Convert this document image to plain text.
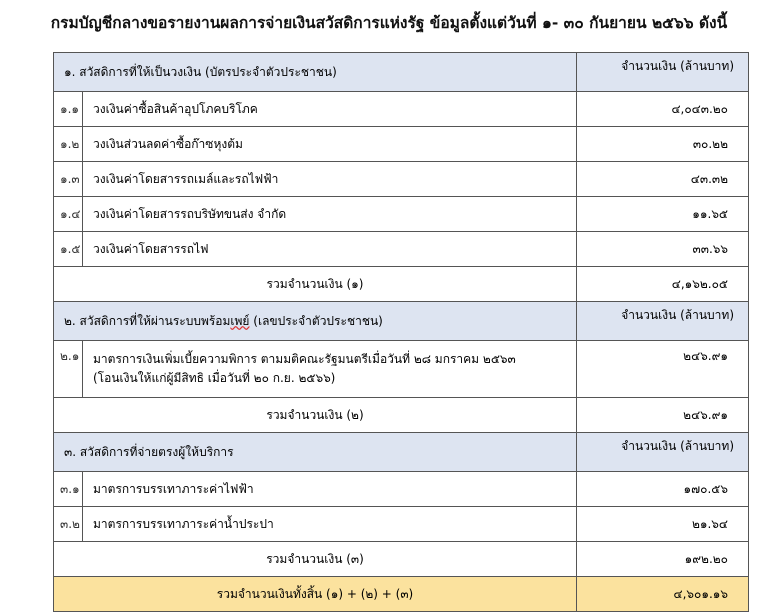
กรมบัญชีกลางขอรายงานผลการจ่ายเงินสวัสดิการแห่งรัฐ ข้อมูลตั้งแต่วันที่ ๑- ๓๐ กันยายน ๒๕๖๖ ดังนี้
๑. สวัสดิการที่ให้เป็นวงเงิน (บัตรประจำตัวประชาชน)		จำนวนเงิน (ล้านบาท)
๑.๑	วงเงินค่าซื้อสินค้าอุปโภคบริโภค	๔,๐๔๓.๒๐
๑.๒	วงเงินส่วนลดค่าซื้อก๊าซหุงต้ม	๓๐.๒๒
๑.๓	วงเงินค่าโดยสารรถเมล์และรถไฟฟ้า	๔๓.๓๒
๑.๔	วงเงินค่าโดยสารรถบริษัทขนส่ง จำกัด	๑๑.๖๕
๑.๕	วงเงินค่าโดยสารรถไฟ	๓๓.๖๖
รวมจำนวนเงิน (๑)		๔,๑๖๒.๐๕
๒. สวัสดิการที่ให้ผ่านระบบพร้อมเพย์ (เลขประจำตัวประชาชน)		จำนวนเงิน (ล้านบาท)
๒.๑	มาตรการเงินเพิ่มเบี้ยความพิการ ตามมติคณะรัฐมนตรีเมื่อวันที่ ๒๘ มกราคม ๒๕๖๓
(โอนเงินให้แก่ผู้มีสิทธิ เมื่อวันที่ ๒๐ ก.ย. ๒๕๖๖)	๒๔๖.๙๑
รวมจำนวนเงิน (๒)		๒๔๖.๙๑
๓. สวัสดิการที่จ่ายตรงผู้ให้บริการ		จำนวนเงิน (ล้านบาท)
๓.๑	มาตรการบรรเทาภาระค่าไฟฟ้า	๑๗๐.๕๖
๓.๒	มาตรการบรรเทาภาระค่าน้ำประปา	๒๑.๖๔
รวมจำนวนเงิน (๓)		๑๙๒.๒๐
รวมจำนวนเงินทั้งสิ้น (๑) + (๒) + (๓)		๔,๖๐๑.๑๖
